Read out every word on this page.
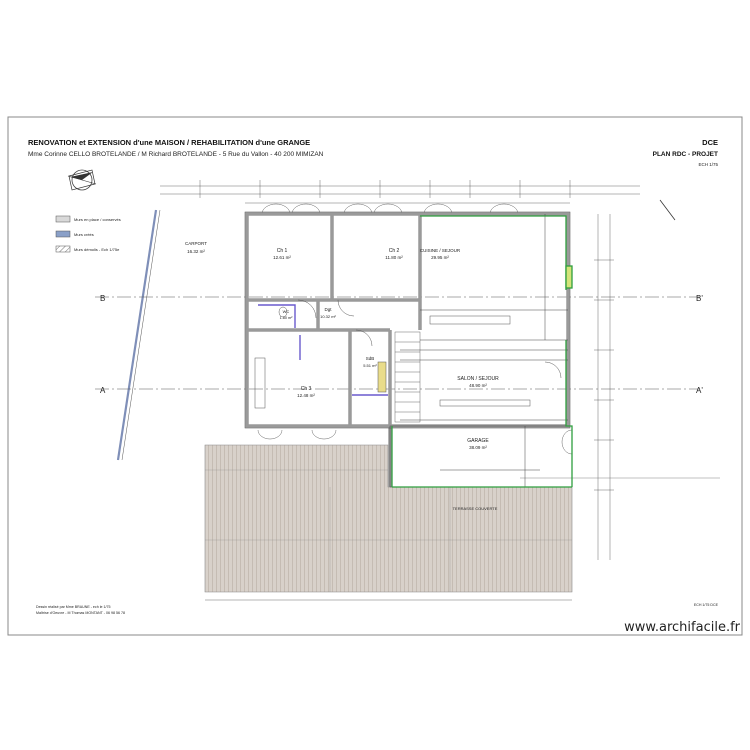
RENOVATION et EXTENSION d'une MAISON / REHABILITATION d'une GRANGE
Mme Corinne CELLO BROTELANDE / M Richard BROTELANDE - 5 Rue du Vallon - 40 200 MIMIZAN
DCE
PLAN RDC - PROJET
ECH 1/75
Murs en place / conservés
Murs créés
Murs démolis - Ech 1/75e
B	B'
A	A'
TERRASSE COUVERTE
Ch 1
12.61 m²
Ch 2
11.80 m²
CUISINE / SEJOUR
29.95 m²
WC
1.80 m²
Dgt
10.32 m²
SdB
5.51 m²
Ch 3
12.48 m²
SALON / SEJOUR
48.90 m²
GARAGE
38.09 m²
CARPORT
16.32 m²
Dessin réalisé par Mme BRAUNE - ech le 1/75
Maîtrise d'Oeuvre - M Thomas MONTANT - 06 98 56 78
ECH 1/75 DCE
www.archifacile.fr
